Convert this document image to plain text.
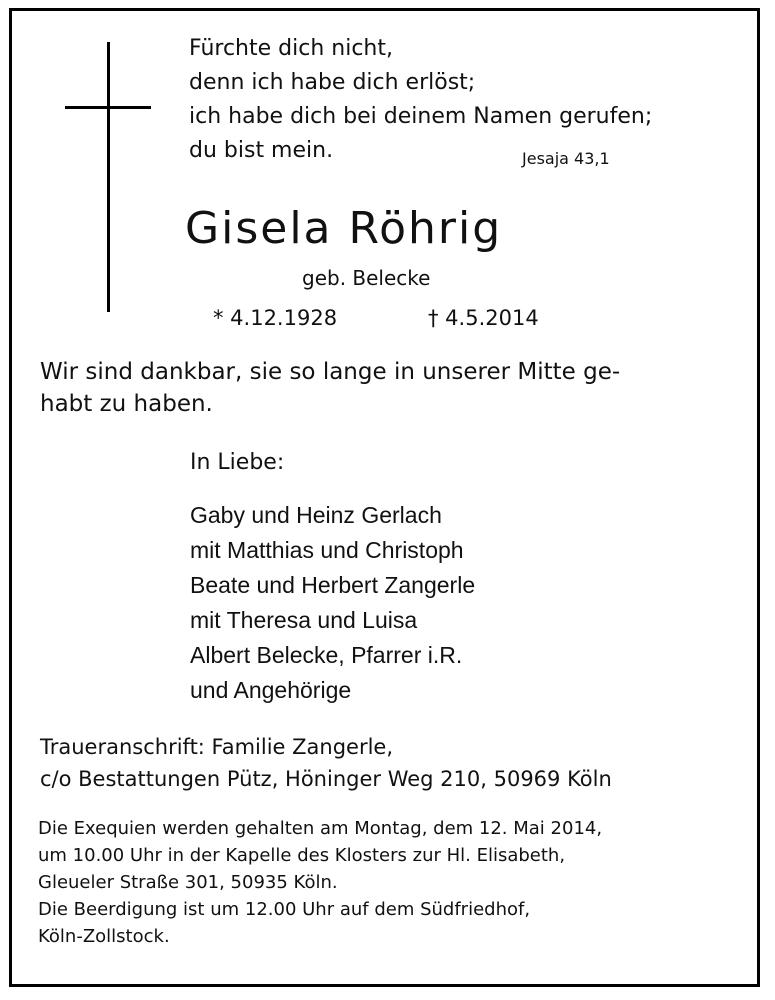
Fürchte dich nicht,
denn ich habe dich erlöst;
ich habe dich bei deinem Namen gerufen;
du bist mein.	Jesaja 43,1
Gisela Röhrig
geb. Belecke
* 4.12.1928	† 4.5.2014
Wir sind dankbar, sie so lange in unserer Mitte ge-
habt zu haben.
In Liebe:
Gaby und Heinz Gerlach
mit Matthias und Christoph
Beate und Herbert Zangerle
mit Theresa und Luisa
Albert Belecke, Pfarrer i.R.
und Angehörige
Traueranschrift: Familie Zangerle,
c/o Bestattungen Pütz, Höninger Weg 210, 50969 Köln
Die Exequien werden gehalten am Montag, dem 12. Mai 2014,
um 10.00 Uhr in der Kapelle des Klosters zur Hl. Elisabeth,
Gleueler Straße 301, 50935 Köln.
Die Beerdigung ist um 12.00 Uhr auf dem Südfriedhof,
Köln-Zollstock.
